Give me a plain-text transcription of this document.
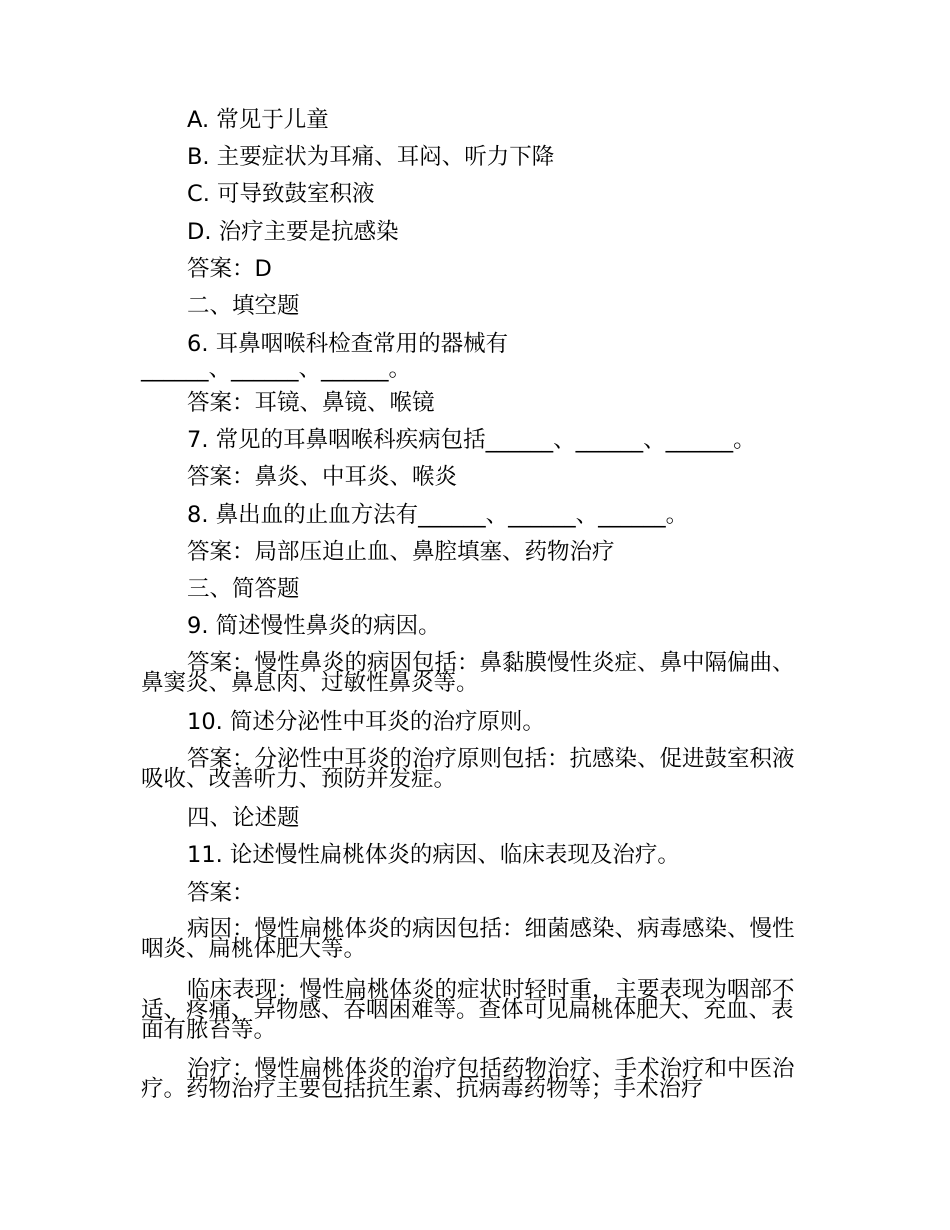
A. 常见于儿童
B. 主要症状为耳痛、耳闷、听力下降
C. 可导致鼓室积液
D. 治疗主要是抗感染
答案：D
二、填空题
6. 耳鼻咽喉科检查常用的器械有
______、______、______。
答案：耳镜、鼻镜、喉镜
7. 常见的耳鼻咽喉科疾病包括______、______、______。
答案：鼻炎、中耳炎、喉炎
8. 鼻出血的止血方法有______、______、______。
答案：局部压迫止血、鼻腔填塞、药物治疗
三、简答题
9. 简述慢性鼻炎的病因。
答案：慢性鼻炎的病因包括：鼻黏膜慢性炎症、鼻中隔偏曲、鼻窦炎、鼻息肉、过敏性鼻炎等。
10. 简述分泌性中耳炎的治疗原则。
答案：分泌性中耳炎的治疗原则包括：抗感染、促进鼓室积液吸收、改善听力、预防并发症。
四、论述题
11. 论述慢性扁桃体炎的病因、临床表现及治疗。
答案：
病因：慢性扁桃体炎的病因包括：细菌感染、病毒感染、慢性咽炎、扁桃体肥大等。
临床表现：慢性扁桃体炎的症状时轻时重，主要表现为咽部不适、疼痛、异物感、吞咽困难等。查体可见扁桃体肥大、充血、表面有脓苔等。
治疗：慢性扁桃体炎的治疗包括药物治疗、手术治疗和中医治疗。药物治疗主要包括抗生素、抗病毒药物等；手术治疗
